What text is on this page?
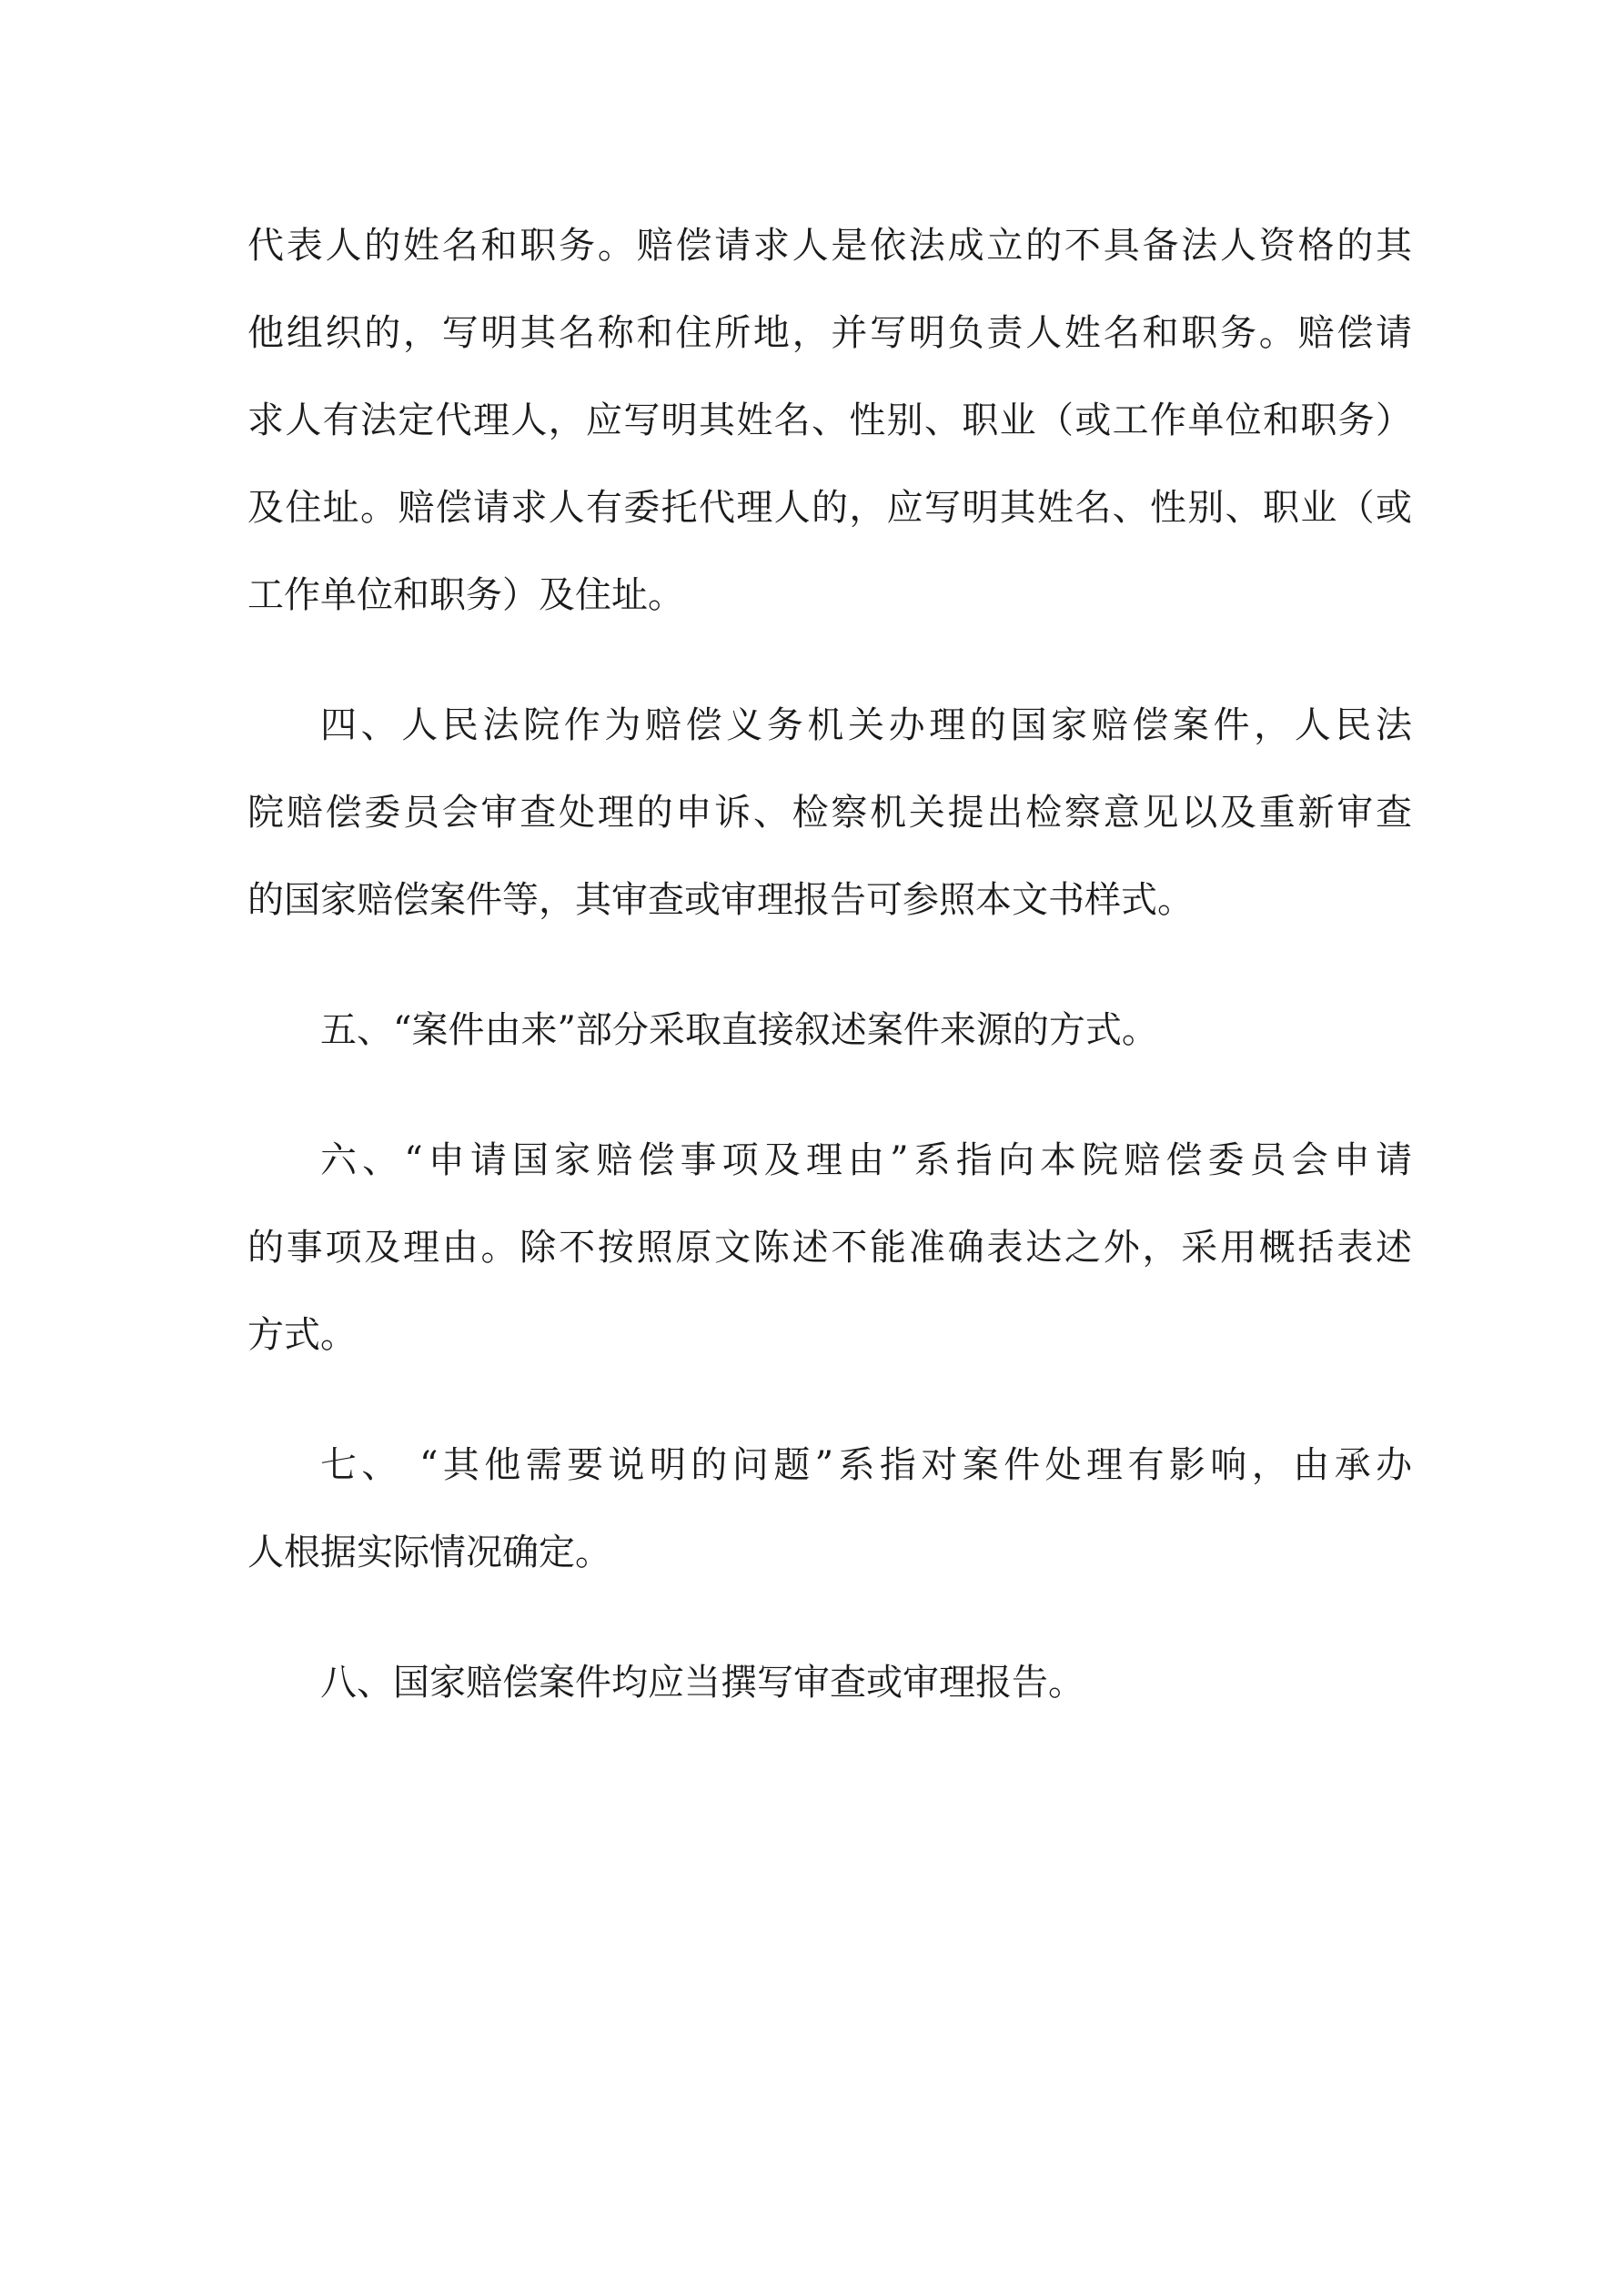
代表人的姓名和职务。赔偿请求人是依法成立的不具备法人资格的其
他组织的，写明其名称和住所地，并写明负责人姓名和职务。赔偿请
求人有法定代理人，应写明其姓名、性别、职业（或工作单位和职务）
及住址。赔偿请求人有委托代理人的，应写明其姓名、性别、职业（或
工作单位和职务）及住址。

四、人民法院作为赔偿义务机关办理的国家赔偿案件，人民法
院赔偿委员会审查处理的申诉、检察机关提出检察意见以及重新审查
的国家赔偿案件等，其审查或审理报告可参照本文书样式。

五、“案件由来”部分采取直接叙述案件来源的方式。

六、“申请国家赔偿事项及理由”系指向本院赔偿委员会申请
的事项及理由。除不按照原文陈述不能准确表达之外，采用概括表述
方式。

七、 “其他需要说明的问题”系指对案件处理有影响，由承办
人根据实际情况确定。

八、国家赔偿案件均应当撰写审查或审理报告。
